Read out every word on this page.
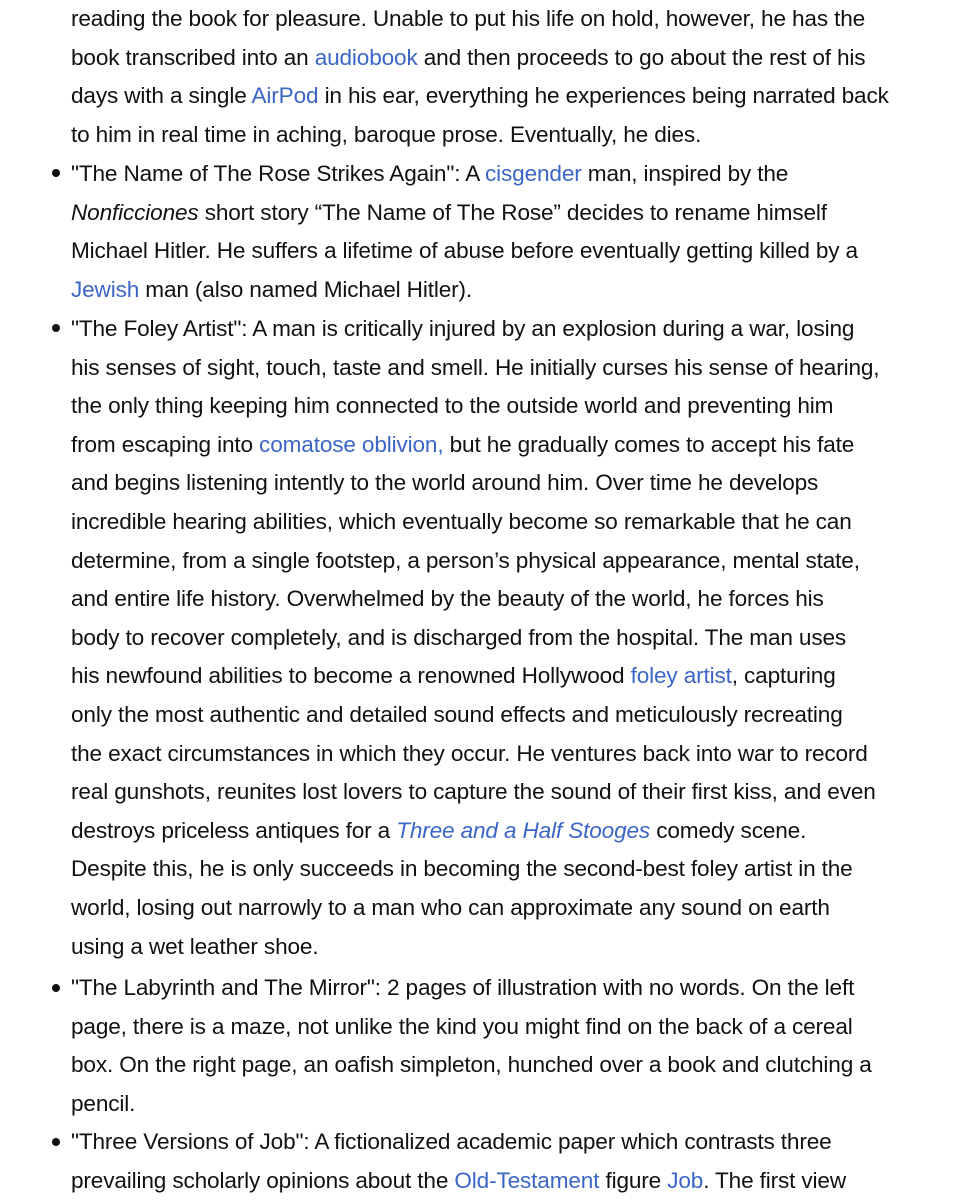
reading the book for pleasure. Unable to put his life on hold, however, he has the
book transcribed into an audiobook and then proceeds to go about the rest of his
days with a single AirPod in his ear, everything he experiences being narrated back
to him in real time in aching, baroque prose. Eventually, he dies.
"The Name of The Rose Strikes Again": A cisgender man, inspired by the
Nonficciones short story “The Name of The Rose” decides to rename himself
Michael Hitler. He suffers a lifetime of abuse before eventually getting killed by a
Jewish man (also named Michael Hitler).
"The Foley Artist": A man is critically injured by an explosion during a war, losing
his senses of sight, touch, taste and smell. He initially curses his sense of hearing,
the only thing keeping him connected to the outside world and preventing him
from escaping into comatose oblivion, but he gradually comes to accept his fate
and begins listening intently to the world around him. Over time he develops
incredible hearing abilities, which eventually become so remarkable that he can
determine, from a single footstep, a person’s physical appearance, mental state,
and entire life history. Overwhelmed by the beauty of the world, he forces his
body to recover completely, and is discharged from the hospital. The man uses
his newfound abilities to become a renowned Hollywood foley artist, capturing
only the most authentic and detailed sound effects and meticulously recreating
the exact circumstances in which they occur. He ventures back into war to record
real gunshots, reunites lost lovers to capture the sound of their first kiss, and even
destroys priceless antiques for a Three and a Half Stooges comedy scene.
Despite this, he is only succeeds in becoming the second-best foley artist in the
world, losing out narrowly to a man who can approximate any sound on earth
using a wet leather shoe.
"The Labyrinth and The Mirror": 2 pages of illustration with no words. On the left
page, there is a maze, not unlike the kind you might find on the back of a cereal
box. On the right page, an oafish simpleton, hunched over a book and clutching a
pencil.
"Three Versions of Job": A fictionalized academic paper which contrasts three
prevailing scholarly opinions about the Old-Testament figure Job. The first view
